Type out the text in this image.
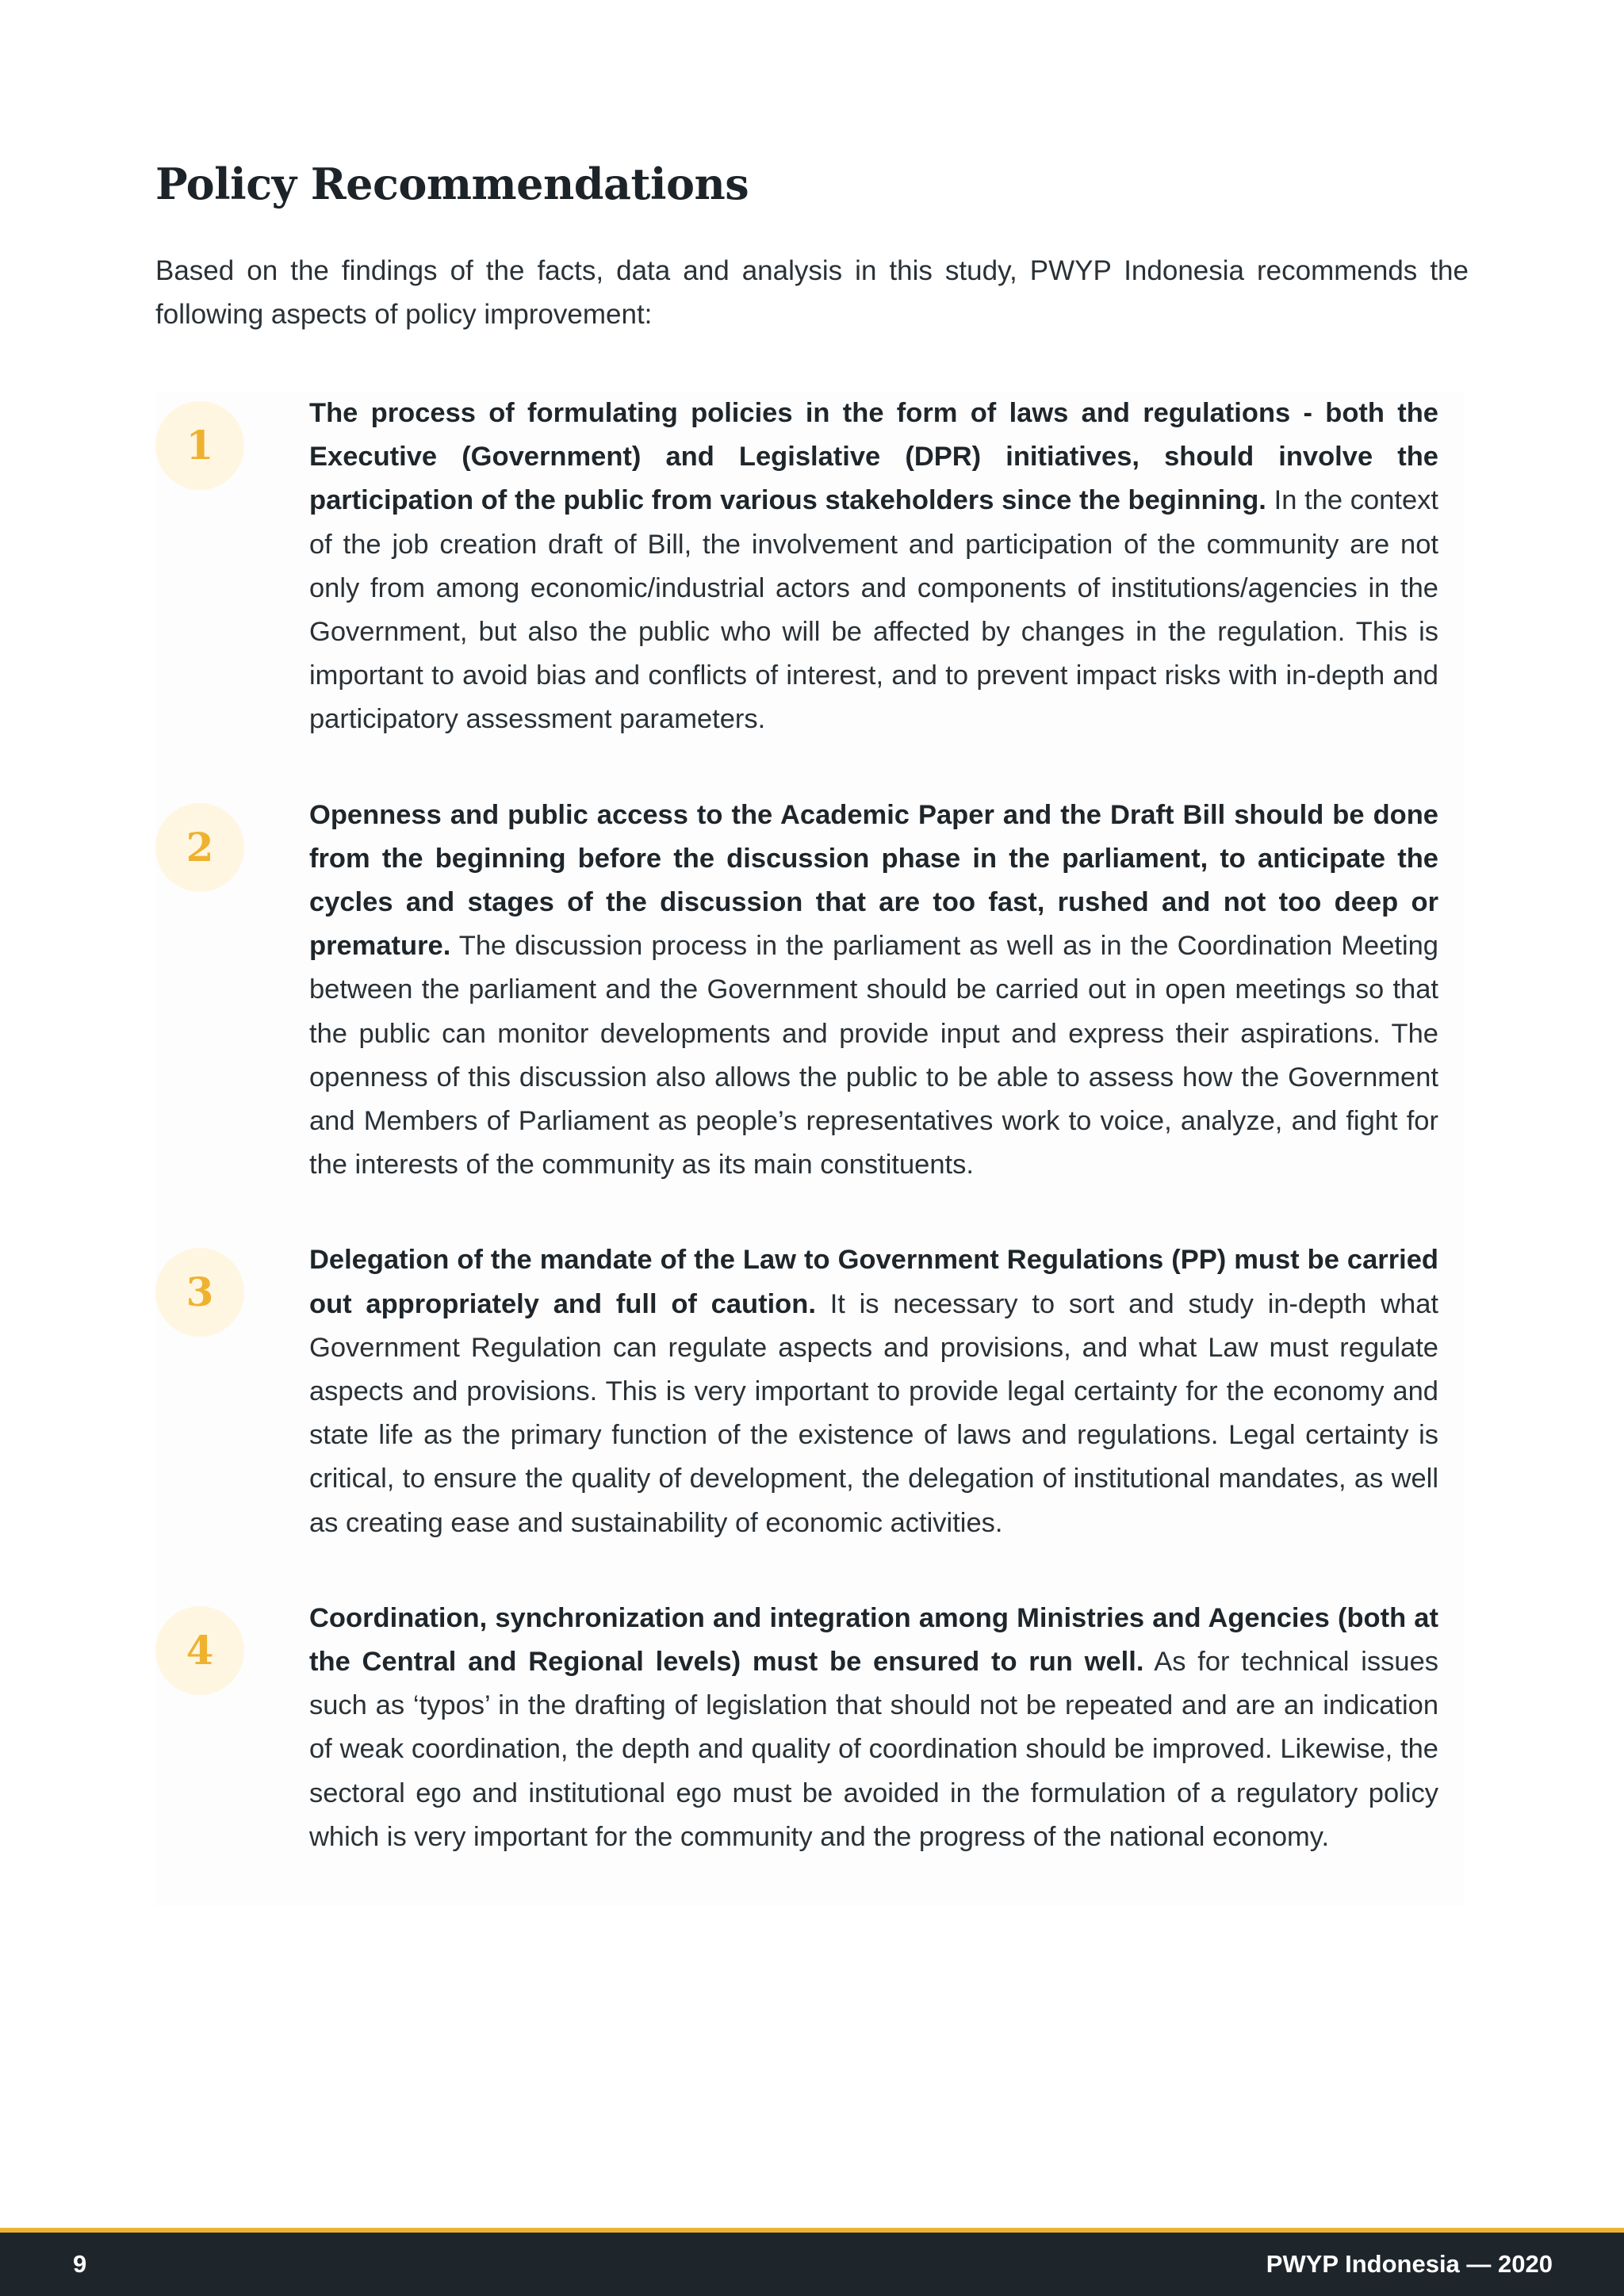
Policy Recommendations

Based on the findings of the facts, data and analysis in this study, PWYP Indonesia recommends the following aspects of policy improvement:

1

The process of formulating policies in the form of laws and regulations - both the Executive (Government) and Legislative (DPR) initiatives, should involve the participation of the public from various stakeholders since the beginning. In the context of the job creation draft of Bill, the involvement and participation of the community are not only from among economic/industrial actors and components of institutions/agencies in the Government, but also the public who will be affected by changes in the regulation. This is important to avoid bias and conflicts of interest, and to prevent impact risks with in-depth and participatory assessment parameters.

2

Openness and public access to the Academic Paper and the Draft Bill should be done from the beginning before the discussion phase in the parliament, to anticipate the cycles and stages of the discussion that are too fast, rushed and not too deep or premature. The discussion process in the parliament as well as in the Coordination Meeting between the parliament and the Government should be carried out in open meetings so that the public can monitor developments and provide input and express their aspirations. The openness of this discussion also allows the public to be able to assess how the Government and Members of Parliament as people’s representatives work to voice, analyze, and fight for the interests of the community as its main constituents.

3

Delegation of the mandate of the Law to Government Regulations (PP) must be carried out appropriately and full of caution. It is necessary to sort and study in-depth what Government Regulation can regulate aspects and provisions, and what Law must regulate aspects and provisions. This is very important to provide legal certainty for the economy and state life as the primary function of the existence of laws and regulations. Legal certainty is critical, to ensure the quality of development, the delegation of institutional mandates, as well as creating ease and sustainability of economic activities.

4

Coordination, synchronization and integration among Ministries and Agencies (both at the Central and Regional levels) must be ensured to run well. As for technical issues such as ‘typos’ in the drafting of legislation that should not be repeated and are an indication of weak coordination, the depth and quality of coordination should be improved. Likewise, the sectoral ego and institutional ego must be avoided in the formulation of a regulatory policy which is very important for the community and the progress of the national economy.

9	PWYP Indonesia — 2020
